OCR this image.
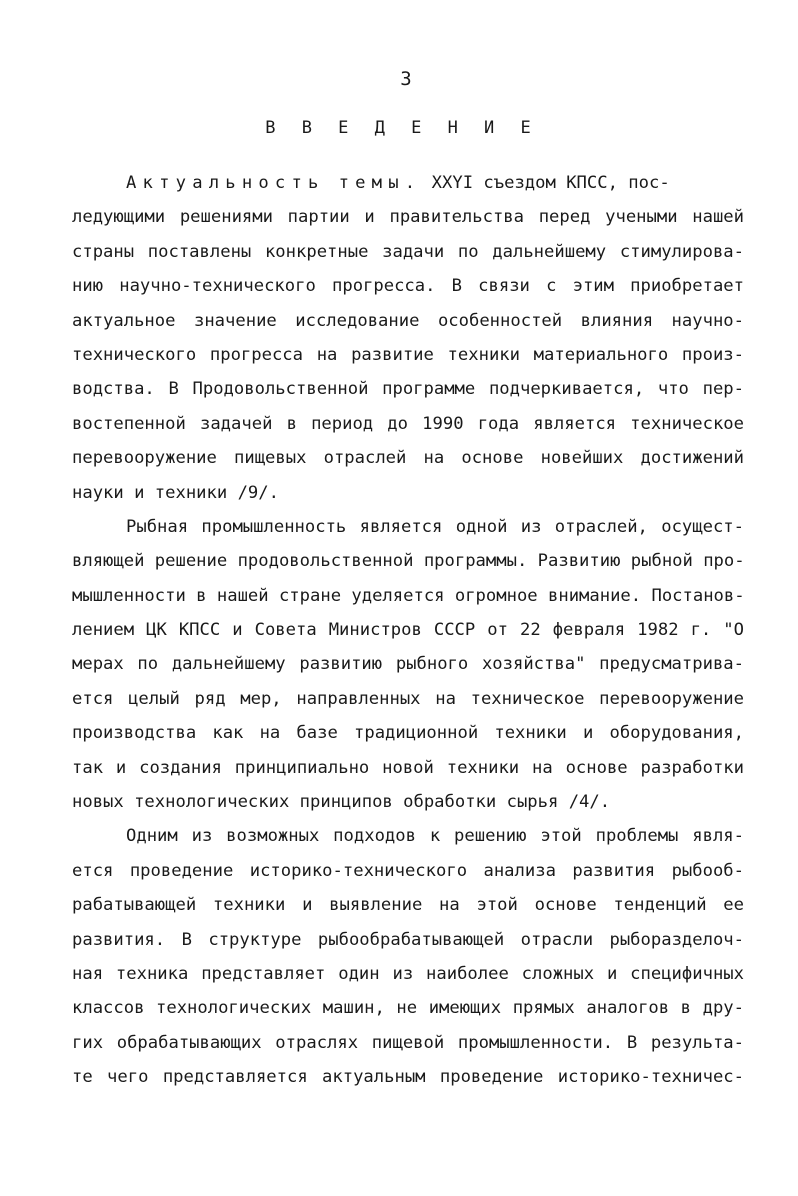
3
В В Е Д Е Н И Е
Актуальность темы. XXYI съездом КПСС, пос-
ледующими решениями партии и правительства перед учеными нашей
страны поставлены конкретные задачи по дальнейшему стимулирова-
нию научно-технического прогресса. В связи с этим приобретает
актуальное значение исследование особенностей влияния научно-
технического прогресса на развитие техники материального произ-
водства. В Продовольственной программе подчеркивается, что пер-
востепенной задачей в период до 1990 года является техническое
перевооружение пищевых отраслей на основе новейших достижений
науки и техники /9/.
Рыбная промышленность является одной из отраслей, осущест-
вляющей решение продовольственной программы. Развитию рыбной про-
мышленности в нашей стране уделяется огромное внимание. Постанов-
лением ЦК КПСС и Совета Министров СССР от 22 февраля 1982 г. "О
мерах по дальнейшему развитию рыбного хозяйства" предусматрива-
ется целый ряд мер, направленных на техническое перевооружение
производства как на базе традиционной техники и оборудования,
так и создания принципиально новой техники на основе разработки
новых технологических принципов обработки сырья /4/.
Одним из возможных подходов к решению этой проблемы явля-
ется проведение историко-технического анализа развития рыбооб-
рабатывающей техники и выявление на этой основе тенденций ее
развития. В структуре рыбообрабатывающей отрасли рыборазделоч-
ная техника представляет один из наиболее сложных и специфичных
классов технологических машин, не имеющих прямых аналогов в дру-
гих обрабатывающих отраслях пищевой промышленности. В результа-
те чего представляется актуальным проведение историко-техничес-
